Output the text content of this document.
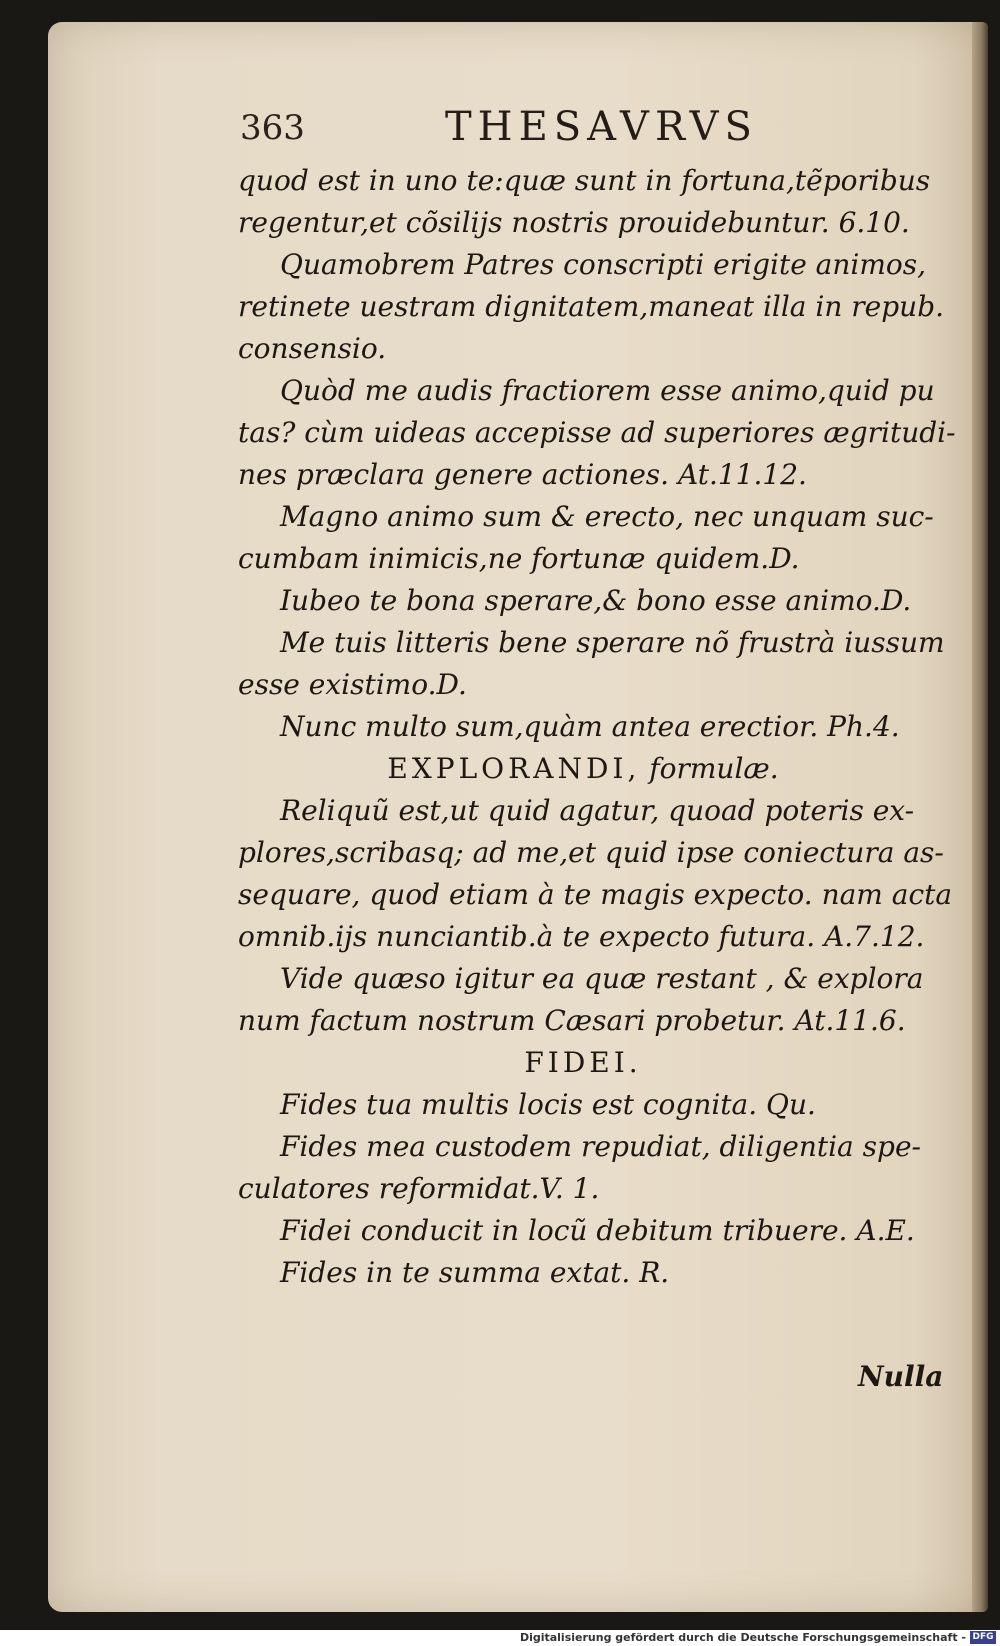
363	THESAVRVS
quod est in uno te:quæ sunt in fortuna,tẽporibus
regentur,et cõsilijs nostris prouidebuntur. 6.10.
Quamobrem Patres conscripti erigite animos,
retinete uestram dignitatem,maneat illa in repub.
consensio.
Quòd me audis fractiorem esse animo,quid pu
tas? cùm uideas accepisse ad superiores ægritudi-
nes præclara genere actiones. At.11.12.
Magno animo sum & erecto, nec unquam suc-
cumbam inimicis,ne fortunæ quidem.D.
Iubeo te bona sperare,& bono esse animo.D.
Me tuis litteris bene sperare nõ frustrà iussum
esse existimo.D.
Nunc multo sum,quàm antea erectior. Ph.4.
EXPLORANDI, formulæ.
Reliquũ est,ut quid agatur, quoad poteris ex-
plores,scribasq; ad me,et quid ipse coniectura as-
sequare, quod etiam à te magis expecto. nam acta
omnib.ijs nunciantib.à te expecto futura. A.7.12.
Vide quæso igitur ea quæ restant , & explora
num factum nostrum Cæsari probetur. At.11.6.
FIDEI.
Fides tua multis locis est cognita. Qu.
Fides mea custodem repudiat, diligentia spe-
culatores reformidat.V. 1.
Fidei conducit in locũ debitum tribuere. A.E.
Fides in te summa extat. R.
Nulla
Digitalisierung gefördert durch die Deutsche Forschungsgemeinschaft - DFG
